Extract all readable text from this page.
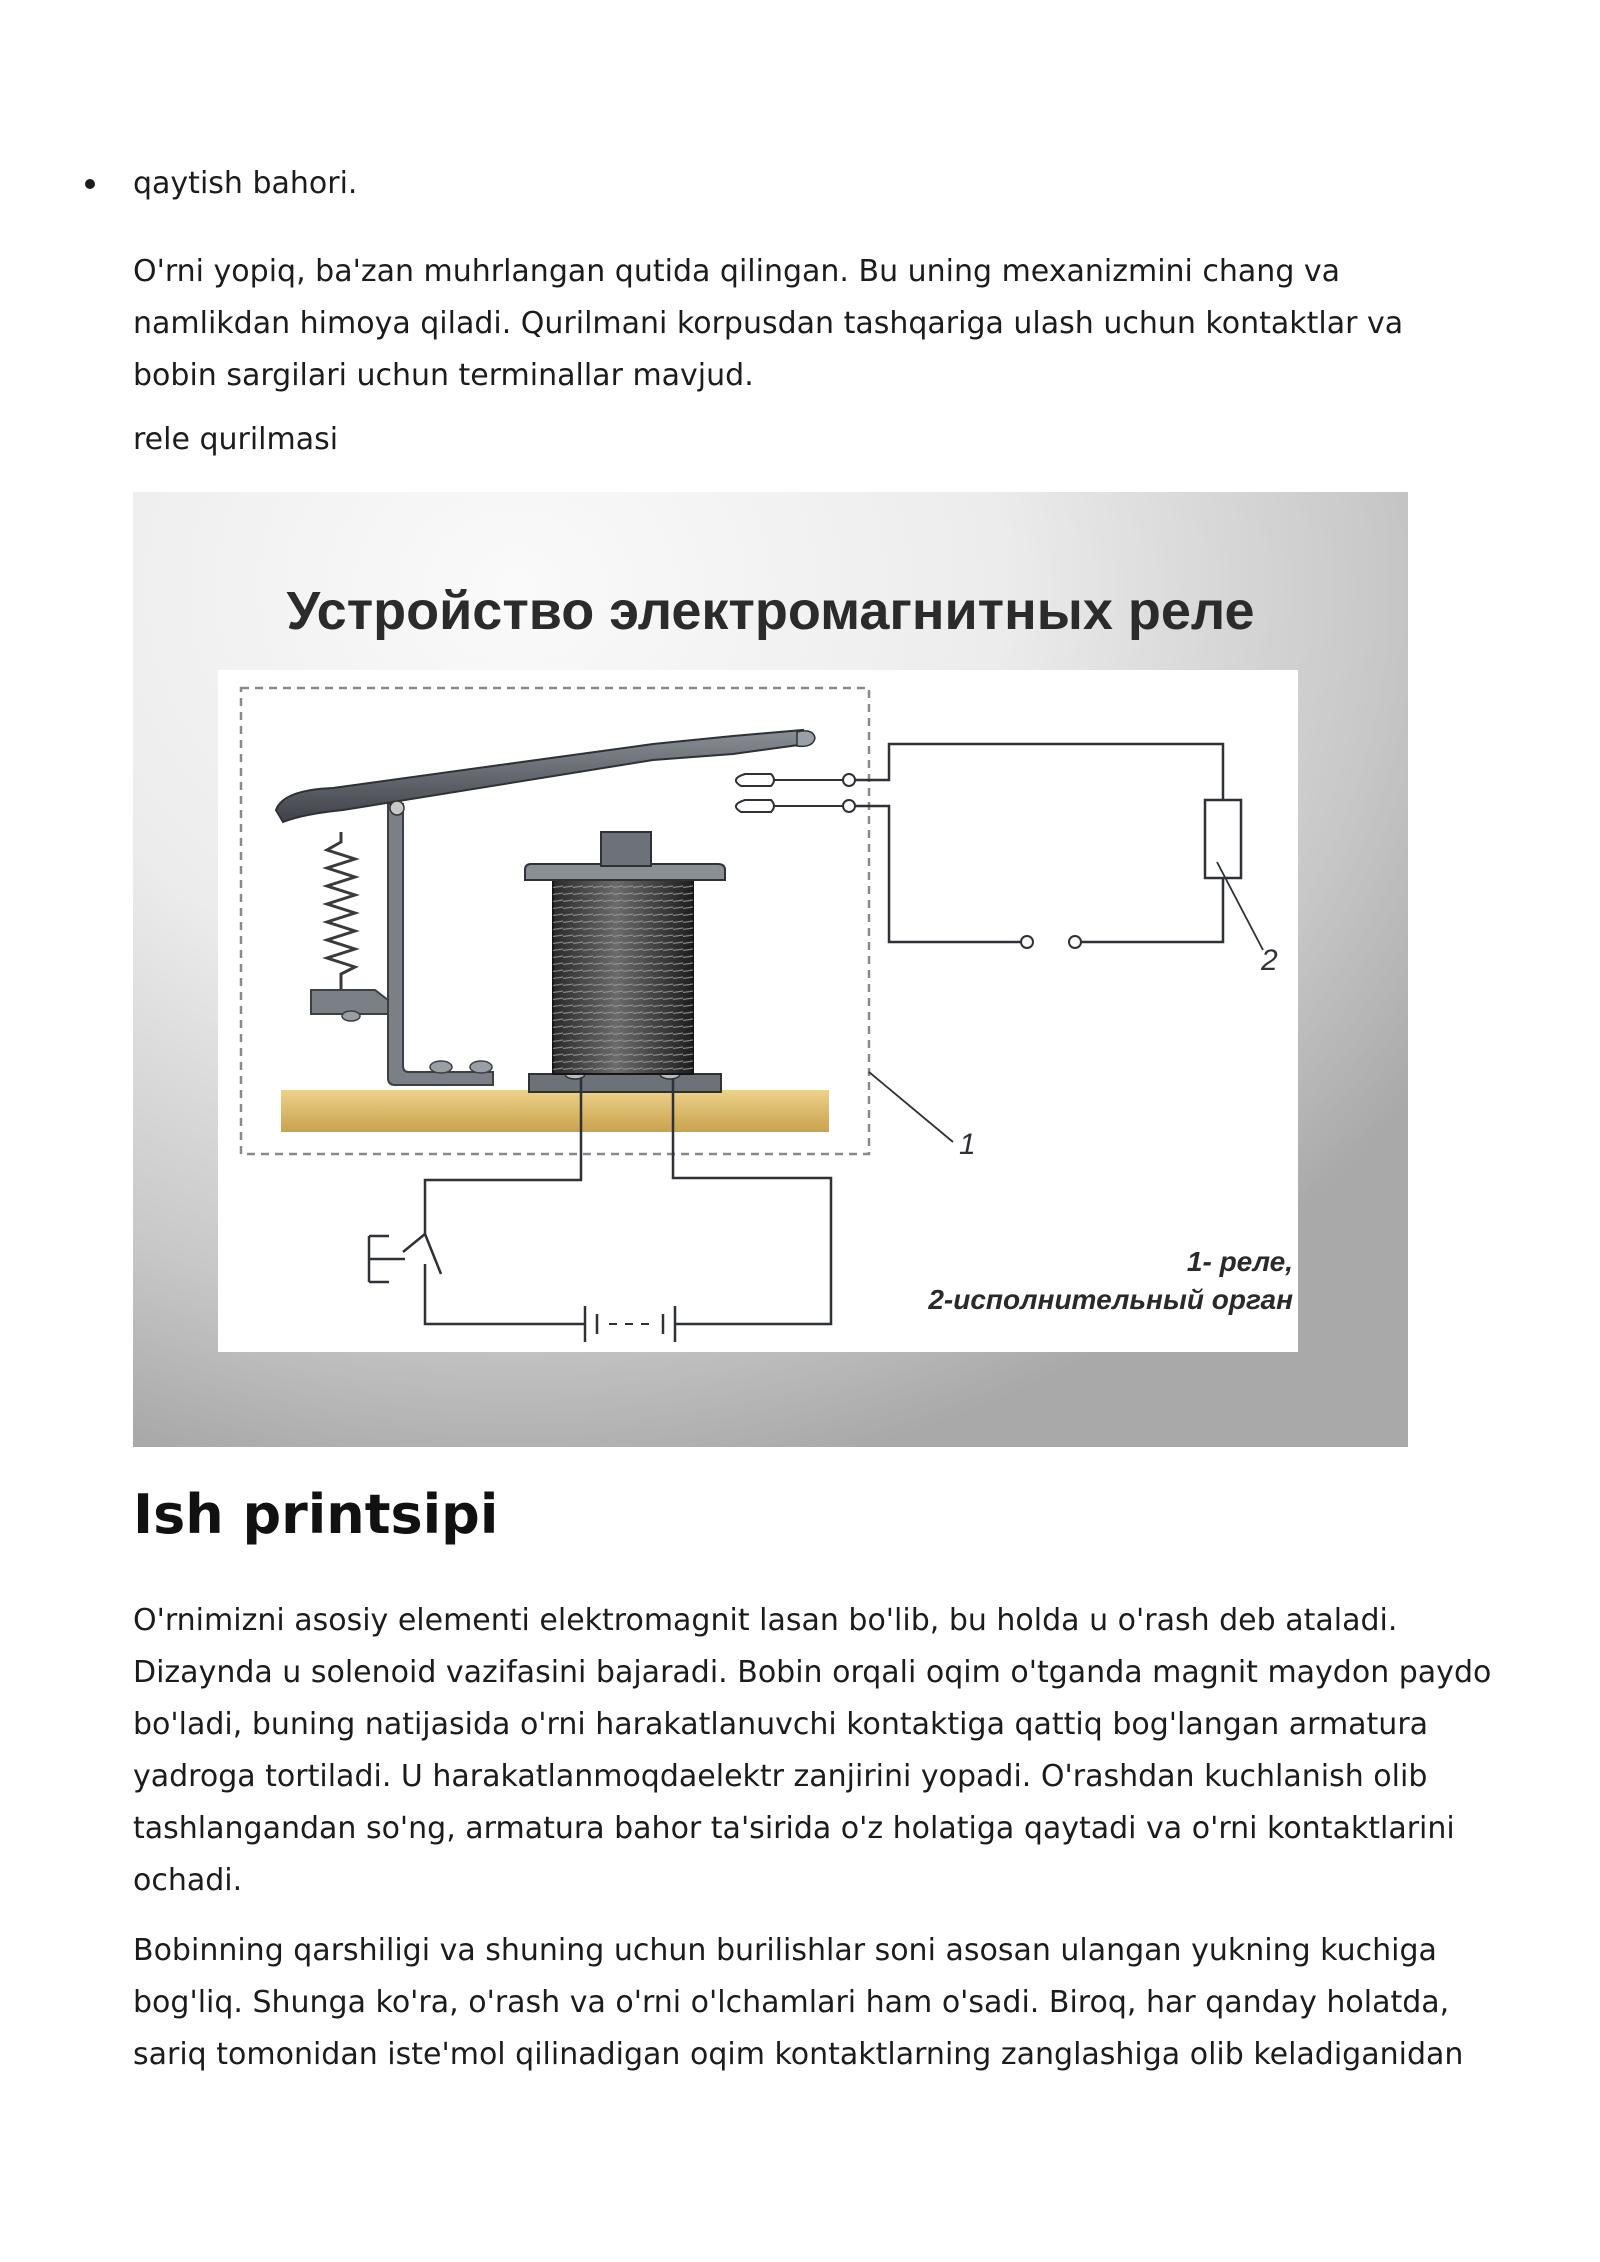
qaytish bahori.

O'rni yopiq, ba'zan muhrlangan qutida qilingan. Bu uning mexanizmini chang va namlikdan himoya qiladi. Qurilmani korpusdan tashqariga ulash uchun kontaktlar va bobin sargilari uchun terminallar mavjud.

rele qurilmasi
Устройство электромагнитных реле
2
1
1- реле,
2-исполнительный орган
Ish printsipi

O'rnimizni asosiy elementi elektromagnit lasan bo'lib, bu holda u o'rash deb ataladi. Dizaynda u solenoid vazifasini bajaradi. Bobin orqali oqim o'tganda magnit maydon paydo bo'ladi, buning natijasida o'rni harakatlanuvchi kontaktiga qattiq bog'langan armatura yadroga tortiladi. U harakatlanmoqdaelektr zanjirini yopadi. O'rashdan kuchlanish olib tashlangandan so'ng, armatura bahor ta'sirida o'z holatiga qaytadi va o'rni kontaktlarini ochadi.

Bobinning qarshiligi va shuning uchun burilishlar soni asosan ulangan yukning kuchiga bog'liq. Shunga ko'ra, o'rash va o'rni o'lchamlari ham o'sadi. Biroq, har qanday holatda, sariq tomonidan iste'mol qilinadigan oqim kontaktlarning zanglashiga olib keladiganidan
